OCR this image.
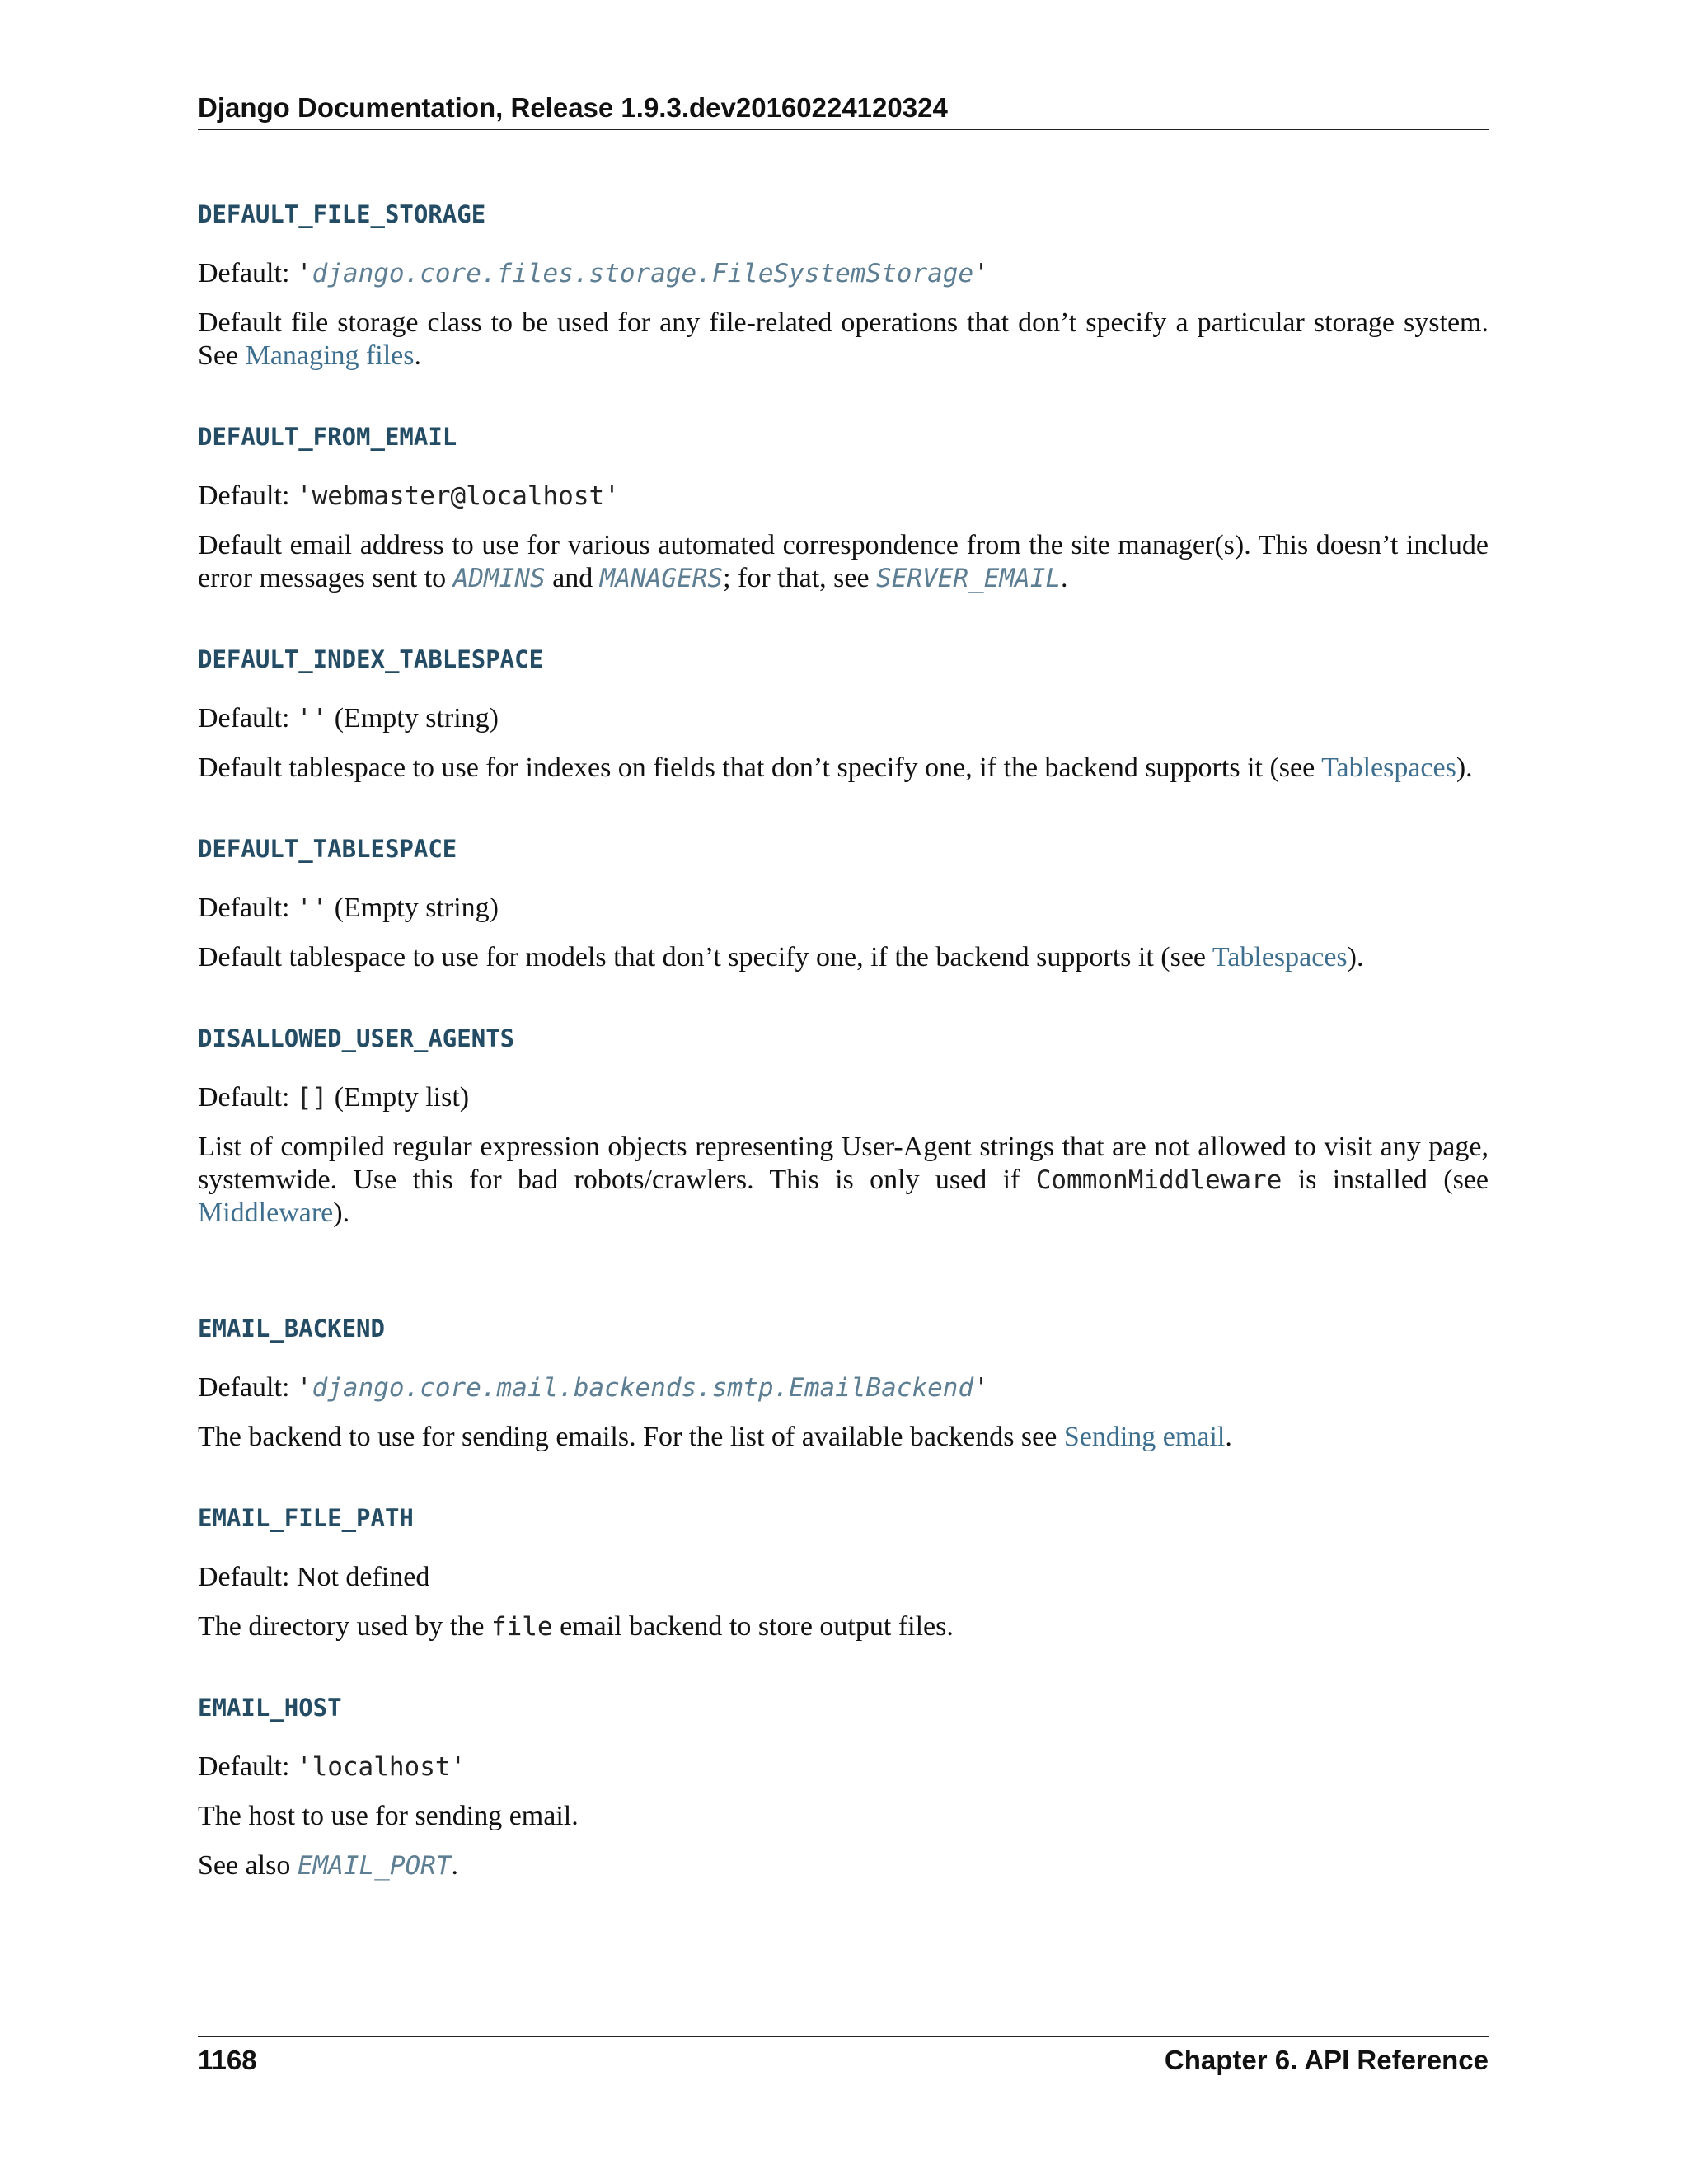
Django Documentation, Release 1.9.3.dev20160224120324
DEFAULT_FILE_STORAGE

Default: 'django.core.files.storage.FileSystemStorage'

Default file storage class to be used for any file-related operations that don’t specify a particular storage system. See Managing files.

DEFAULT_FROM_EMAIL

Default: 'webmaster@localhost'

Default email address to use for various automated correspondence from the site manager(s). This doesn’t include error messages sent to ADMINS and MANAGERS; for that, see SERVER_EMAIL.

DEFAULT_INDEX_TABLESPACE

Default: '' (Empty string)

Default tablespace to use for indexes on fields that don’t specify one, if the backend supports it (see Tablespaces).

DEFAULT_TABLESPACE

Default: '' (Empty string)

Default tablespace to use for models that don’t specify one, if the backend supports it (see Tablespaces).

DISALLOWED_USER_AGENTS

Default: [] (Empty list)

List of compiled regular expression objects representing User-Agent strings that are not allowed to visit any page, systemwide. Use this for bad robots/crawlers. This is only used if CommonMiddleware is installed (see Middleware).

EMAIL_BACKEND

Default: 'django.core.mail.backends.smtp.EmailBackend'

The backend to use for sending emails. For the list of available backends see Sending email.

EMAIL_FILE_PATH

Default: Not defined

The directory used by the file email backend to store output files.

EMAIL_HOST

Default: 'localhost'

The host to use for sending email.

See also EMAIL_PORT.

1168	Chapter 6. API Reference
